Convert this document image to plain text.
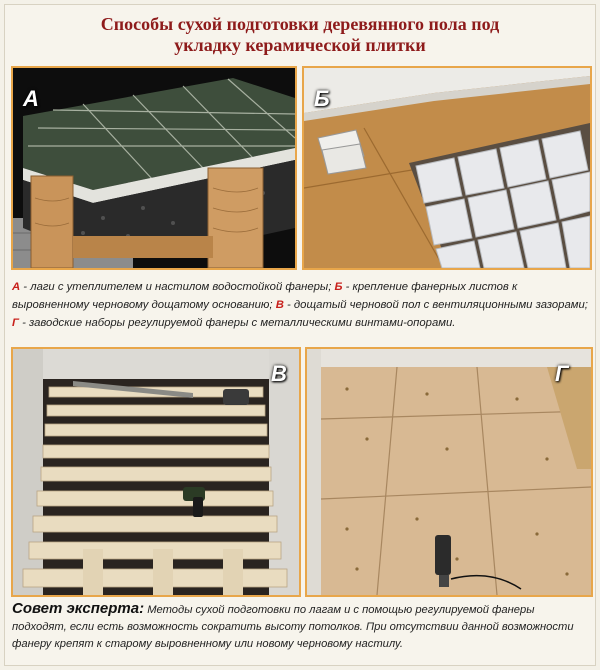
Способы сухой подготовки деревянного пола под
укладку керамической плитки
А	Б
А - лаги с утеплителем и настилом водостойкой фанеры; Б - крепление фанерных листов к выровненному черновому дощатому основанию; В - дощатый черновой пол с вентиляционными зазорами; Г - заводские наборы регулируемой фанеры с металлическими винтами-опорами.
В	Г
Совет эксперта: Методы сухой подготовки по лагам и с помощью регулируемой фанеры подходят, если есть возможность сократить высоту потолков. При отсутствии данной возможности фанеру крепят к старому выровненному или новому черновому настилу.
